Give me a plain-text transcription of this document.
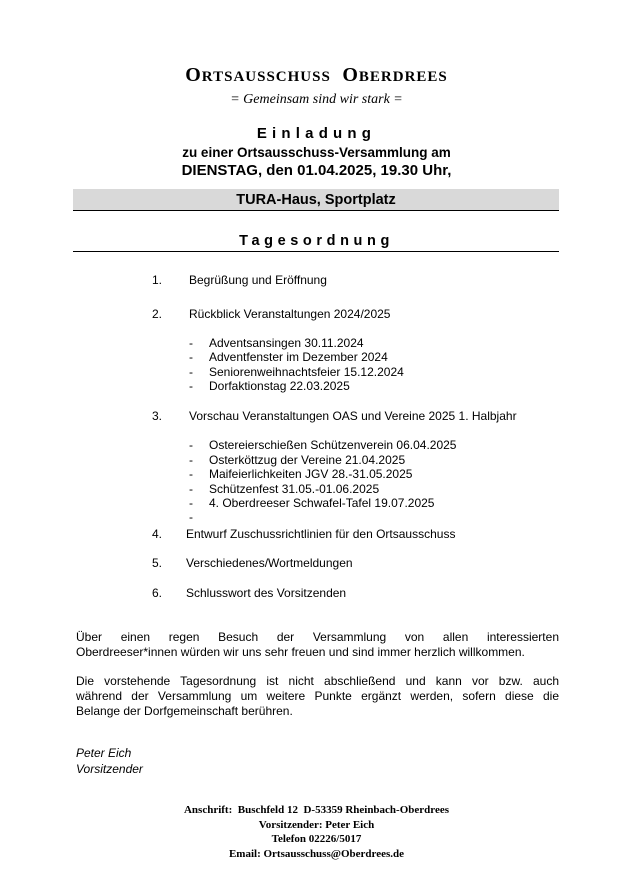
ORTSAUSSCHUSS OBERDREES
= Gemeinsam sind wir stark =
Einladung
zu einer Ortsausschuss-Versammlung am
DIENSTAG, den 01.04.2025, 19.30 Uhr,
TURA-Haus, Sportplatz
Tagesordnung
1. Begrüßung und Eröffnung
2. Rückblick Veranstaltungen 2024/2025
- Adventsansingen 30.11.2024
- Adventfenster im Dezember 2024
- Seniorenweihnachtsfeier 15.12.2024
- Dorfaktionstag 22.03.2025
3. Vorschau Veranstaltungen OAS und Vereine 2025 1. Halbjahr
- Ostereierschießen Schützenverein 06.04.2025
- Osterköttzug der Vereine 21.04.2025
- Maifeierlichkeiten JGV 28.-31.05.2025
- Schützenfest 31.05.-01.06.2025
- 4. Oberdreeser Schwafel-Tafel 19.07.2025
-
4. Entwurf Zuschussrichtlinien für den Ortsausschuss
5. Verschiedenes/Wortmeldungen
6. Schlusswort des Vorsitzenden
Über einen regen Besuch der Versammlung von allen interessierten
Oberdreeser*innen würden wir uns sehr freuen und sind immer herzlich willkommen.
Die vorstehende Tagesordnung ist nicht abschließend und kann vor bzw. auch
während der Versammlung um weitere Punkte ergänzt werden, sofern diese die
Belange der Dorfgemeinschaft berühren.
Peter Eich
Vorsitzender
Anschrift:  Buschfeld 12  D-53359 Rheinbach-Oberdrees
Vorsitzender: Peter Eich
Telefon 02226/5017
Email: Ortsausschuss@Oberdrees.de
